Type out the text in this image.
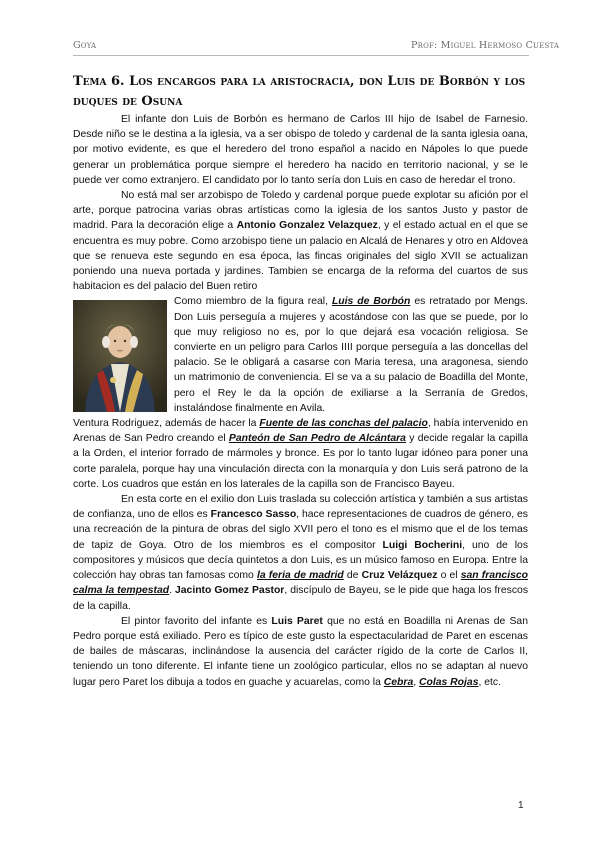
Goya	Prof: Miguel Hermoso Cuesta
Tema 6. Los encargos para la aristocracia, don Luis de Borbón y los duques de Osuna

El infante don Luis de Borbón es hermano de Carlos III hijo de Isabel de Farnesio. Desde niño se le destina a la iglesia, va a ser obispo de toledo y cardenal de la santa iglesia oana, por motivo evidente, es que el heredero del trono español a nacido en Nápoles lo que puede generar un problemática porque siempre el heredero ha nacido en territorio nacional, y se le puede ver como extranjero. El candidato por lo tanto sería don Luis en caso de heredar el trono.

No está mal ser arzobispo de Toledo y cardenal porque puede explotar su afición por el arte, porque patrocina varias obras artísticas como la iglesia de los santos Justo y pastor de madrid. Para la decoración elige a Antonio Gonzalez Velazquez, y el estado actual en el que se encuentra es muy pobre. Como arzobispo tiene un palacio en Alcalá de Henares y otro en Aldovea que se renueva este segundo en esa época, las fincas originales del siglo XVII se actualizan poniendo una nueva portada y jardines. Tambien se encarga de la reforma del cuartos de sus habitacion es del palacio del Buen retiro

Como miembro de la figura real, Luis de Borbón es retratado por Mengs. Don Luis perseguía a mujeres y acostándose con las que se puede, por lo que muy religioso no es, por lo que dejará esa vocación religiosa. Se convierte en un peligro para Carlos IIII porque perseguía a las doncellas del palacio. Se le obligará a casarse con Maria teresa, una aragonesa, siendo un matrimonio de conveniencia. El se va a su palacio de Boadilla del Monte, pero el Rey le da la opción de exiliarse a la Serranía de Gredos, instalándose finalmente en Avila.

Ventura Rodriguez, además de hacer la Fuente de las conchas del palacio, había intervenido en Arenas de San Pedro creando el Panteón de San Pedro de Alcántara y decide regalar la capilla a la Orden, el interior forrado de mármoles y bronce. Es por lo tanto lugar idóneo para poner una corte paralela, porque hay una vinculación directa con la monarquía y don Luis será patrono de la corte. Los cuadros que están en los laterales de la capilla son de Francisco Bayeu.

En esta corte en el exilio don Luis traslada su colección artística y también a sus artistas de confianza, uno de ellos es Francesco Sasso, hace representaciones de cuadros de género, es una recreación de la pintura de obras del siglo XVII pero el tono es el mismo que el de los temas de tapiz de Goya. Otro de los miembros es el compositor Luigi Bocherini, uno de los compositores y músicos que decía quintetos a don Luis, es un músico famoso en Europa. Entre la colección hay obras tan famosas como la feria de madrid de Cruz Velázquez o el san francisco calma la tempestad. Jacinto Gomez Pastor, discípulo de Bayeu, se le pide que haga los frescos de la capilla.

El pintor favorito del infante es Luis Paret que no está en Boadilla ni Arenas de San Pedro porque está exiliado. Pero es típico de este gusto la espectacularidad de Paret en escenas de bailes de máscaras, inclinándose la ausencia del carácter rígido de la corte de Carlos II, teniendo un tono diferente. El infante tiene un zoológico particular, ellos no se adaptan al nuevo lugar pero Paret los dibuja a todos en guache y acuarelas, como la Cebra, Colas Rojas, etc.

1
